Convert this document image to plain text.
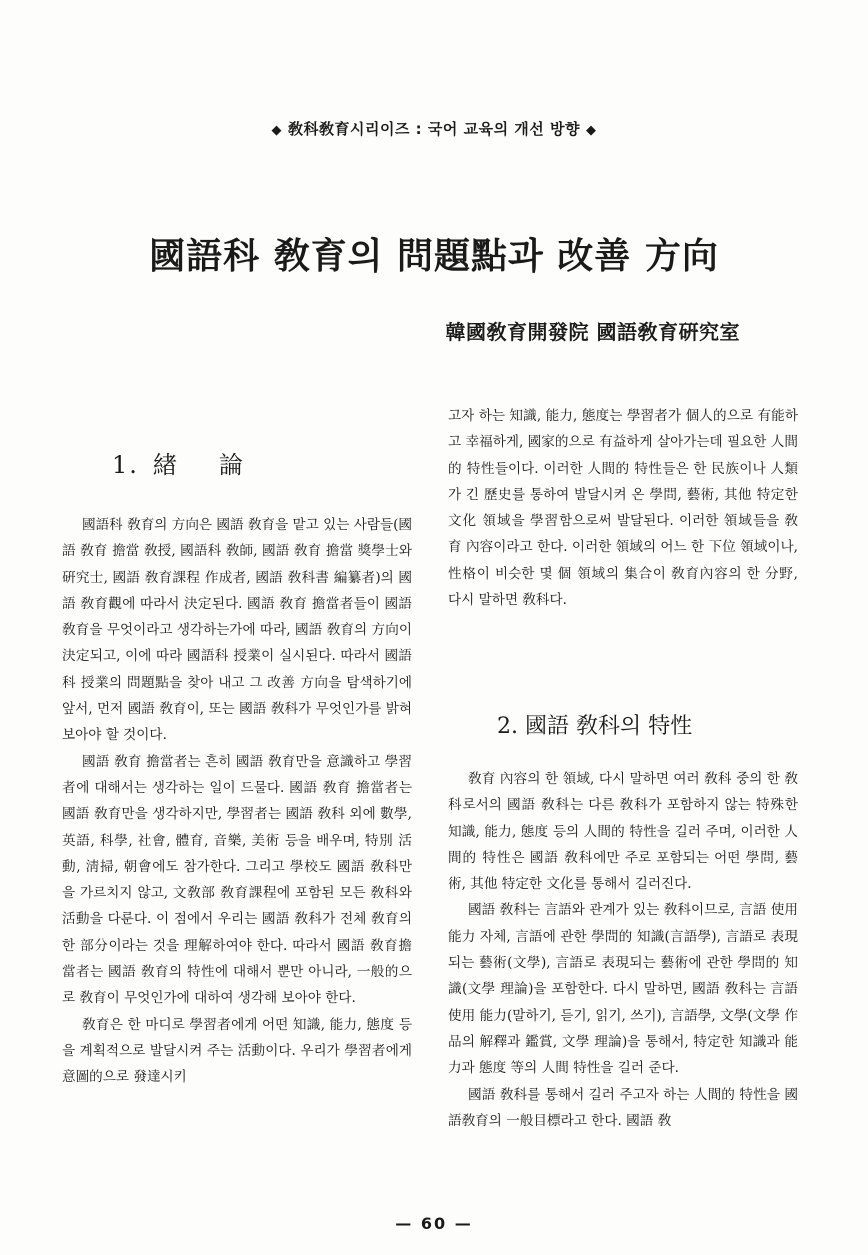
◆ 敎科敎育시리이즈 : 국어 교육의 개선 방향 ◆
國語科 敎育의 問題點과 改善 方向
韓國敎育開發院 國語敎育硏究室
1. 緖 論

國語科 敎育의 方向은 國語 敎育을 맡고 있는 사람들(國語 敎育 擔當 敎授, 國語科 敎師, 國語 敎育 擔當 獎學士와 硏究士, 國語 敎育課程 作成者, 國語 敎科書 編纂者)의 國語 敎育觀에 따라서 決定된다. 國語 敎育 擔當者들이 國語 敎育을 무엇이라고 생각하는가에 따라, 國語 敎育의 方向이 決定되고, 이에 따라 國語科 授業이 실시된다. 따라서 國語科 授業의 問題點을 찾아 내고 그 改善 方向을 탐색하기에 앞서, 먼저 國語 敎育이, 또는 國語 敎科가 무엇인가를 밝혀 보아야 할 것이다.

國語 敎育 擔當者는 흔히 國語 敎育만을 意識하고 學習者에 대해서는 생각하는 일이 드물다. 國語 敎育 擔當者는 國語 敎育만을 생각하지만, 學習者는 國語 敎科 외에 數學, 英語, 科學, 社會, 體育, 音樂, 美術 등을 배우며, 特別 活動, 淸掃, 朝會에도 참가한다. 그리고 學校도 國語 敎科만을 가르치지 않고, 文敎部 敎育課程에 포함된 모든 敎科와 活動을 다룬다. 이 점에서 우리는 國語 敎科가 전체 敎育의 한 部分이라는 것을 理解하여야 한다. 따라서 國語 敎育擔當者는 國語 敎育의 特性에 대해서 뿐만 아니라, 一般的으로 敎育이 무엇인가에 대하여 생각해 보아야 한다.

敎育은 한 마디로 學習者에게 어떤 知識, 能力, 態度 등을 계획적으로 발달시켜 주는 活動이다. 우리가 學習者에게 意圖的으로 發達시키

고자 하는 知識, 能力, 態度는 學習者가 個人的으로 有能하고 幸福하게, 國家的으로 有益하게 살아가는데 필요한 人間的 特性들이다. 이러한 人間的 特性들은 한 民族이나 人類가 긴 歷史를 통하여 발달시켜 온 學問, 藝術, 其他 特定한 文化 領域을 學習함으로써 발달된다. 이러한 領域들을 敎育 內容이라고 한다. 이러한 領域의 어느 한 下位 領域이나, 性格이 비슷한 몇 個 領域의 集合이 敎育內容의 한 分野, 다시 말하면 敎科다.

2. 國語 敎科의 特性

敎育 內容의 한 領域, 다시 말하면 여러 敎科 중의 한 敎科로서의 國語 敎科는 다른 敎科가 포함하지 않는 特殊한 知識, 能力, 態度 등의 人間的 特性을 길러 주며, 이러한 人間的 特性은 國語 敎科에만 주로 포함되는 어떤 學問, 藝術, 其他 特定한 文化를 통해서 길러진다.

國語 敎科는 言語와 관계가 있는 敎科이므로, 言語 使用 能力 자체, 言語에 관한 學問的 知識(言語學), 言語로 表現되는 藝術(文學), 言語로 表現되는 藝術에 관한 學問的 知識(文學 理論)을 포함한다. 다시 말하면, 國語 敎科는 言語 使用 能力(말하기, 듣기, 읽기, 쓰기), 言語學, 文學(文學 作品의 解釋과 鑑賞, 文學 理論)을 통해서, 特定한 知識과 能力과 態度 等의 人間 特性을 길러 준다.

國語 敎科를 통해서 길러 주고자 하는 人間的 特性을 國語敎育의 一般目標라고 한다. 國語 敎

— 60 —
